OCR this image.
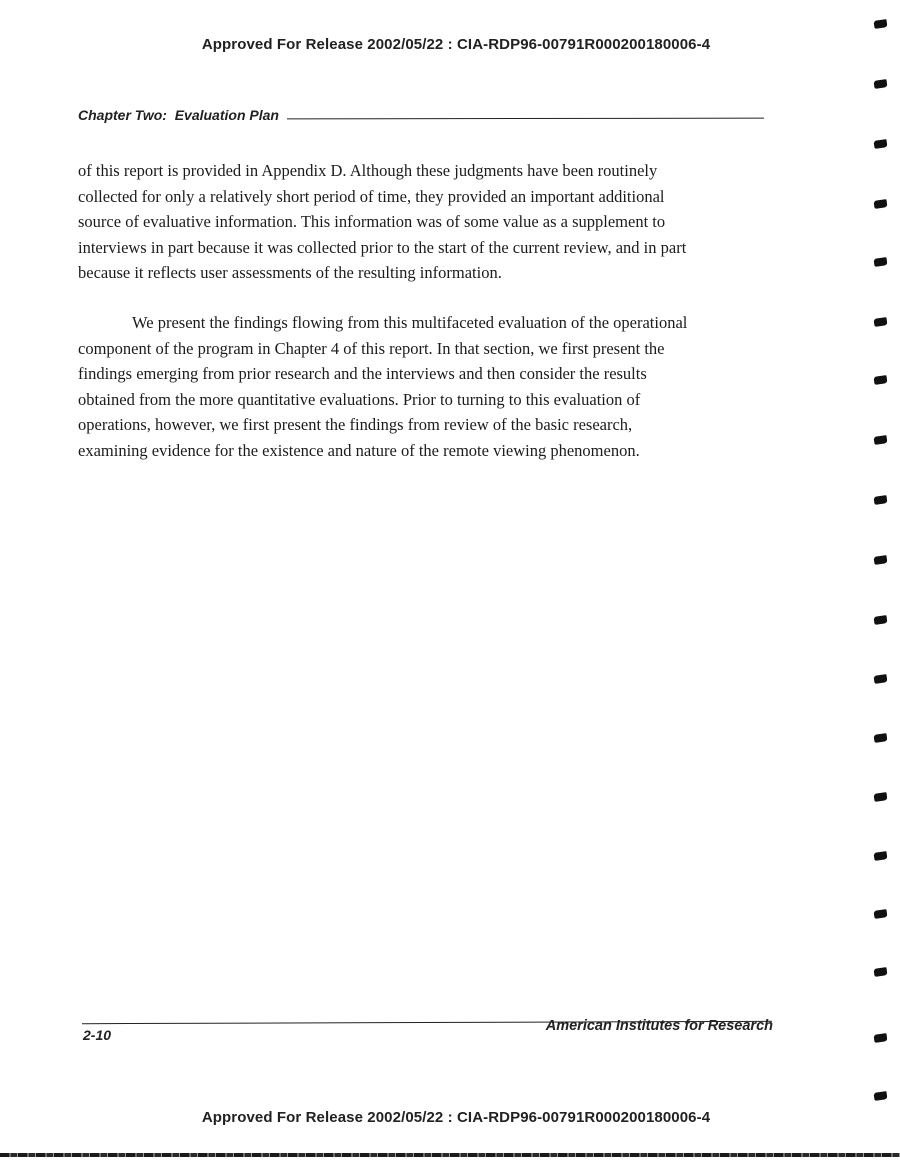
Approved For Release 2002/05/22 : CIA-RDP96-00791R000200180006-4
Chapter Two:  Evaluation Plan

of this report is provided in Appendix D. Although these judgments have been routinely
collected for only a relatively short period of time, they provided an important additional
source of evaluative information. This information was of some value as a supplement to
interviews in part because it was collected prior to the start of the current review, and in part
because it reflects user assessments of the resulting information.

We present the findings flowing from this multifaceted evaluation of the operational
component of the program in Chapter 4 of this report. In that section, we first present the
findings emerging from prior research and the interviews and then consider the results
obtained from the more quantitative evaluations. Prior to turning to this evaluation of
operations, however, we first present the findings from review of the basic research,
examining evidence for the existence and nature of the remote viewing phenomenon.

2-10
American Institutes for Research
Approved For Release 2002/05/22 : CIA-RDP96-00791R000200180006-4
